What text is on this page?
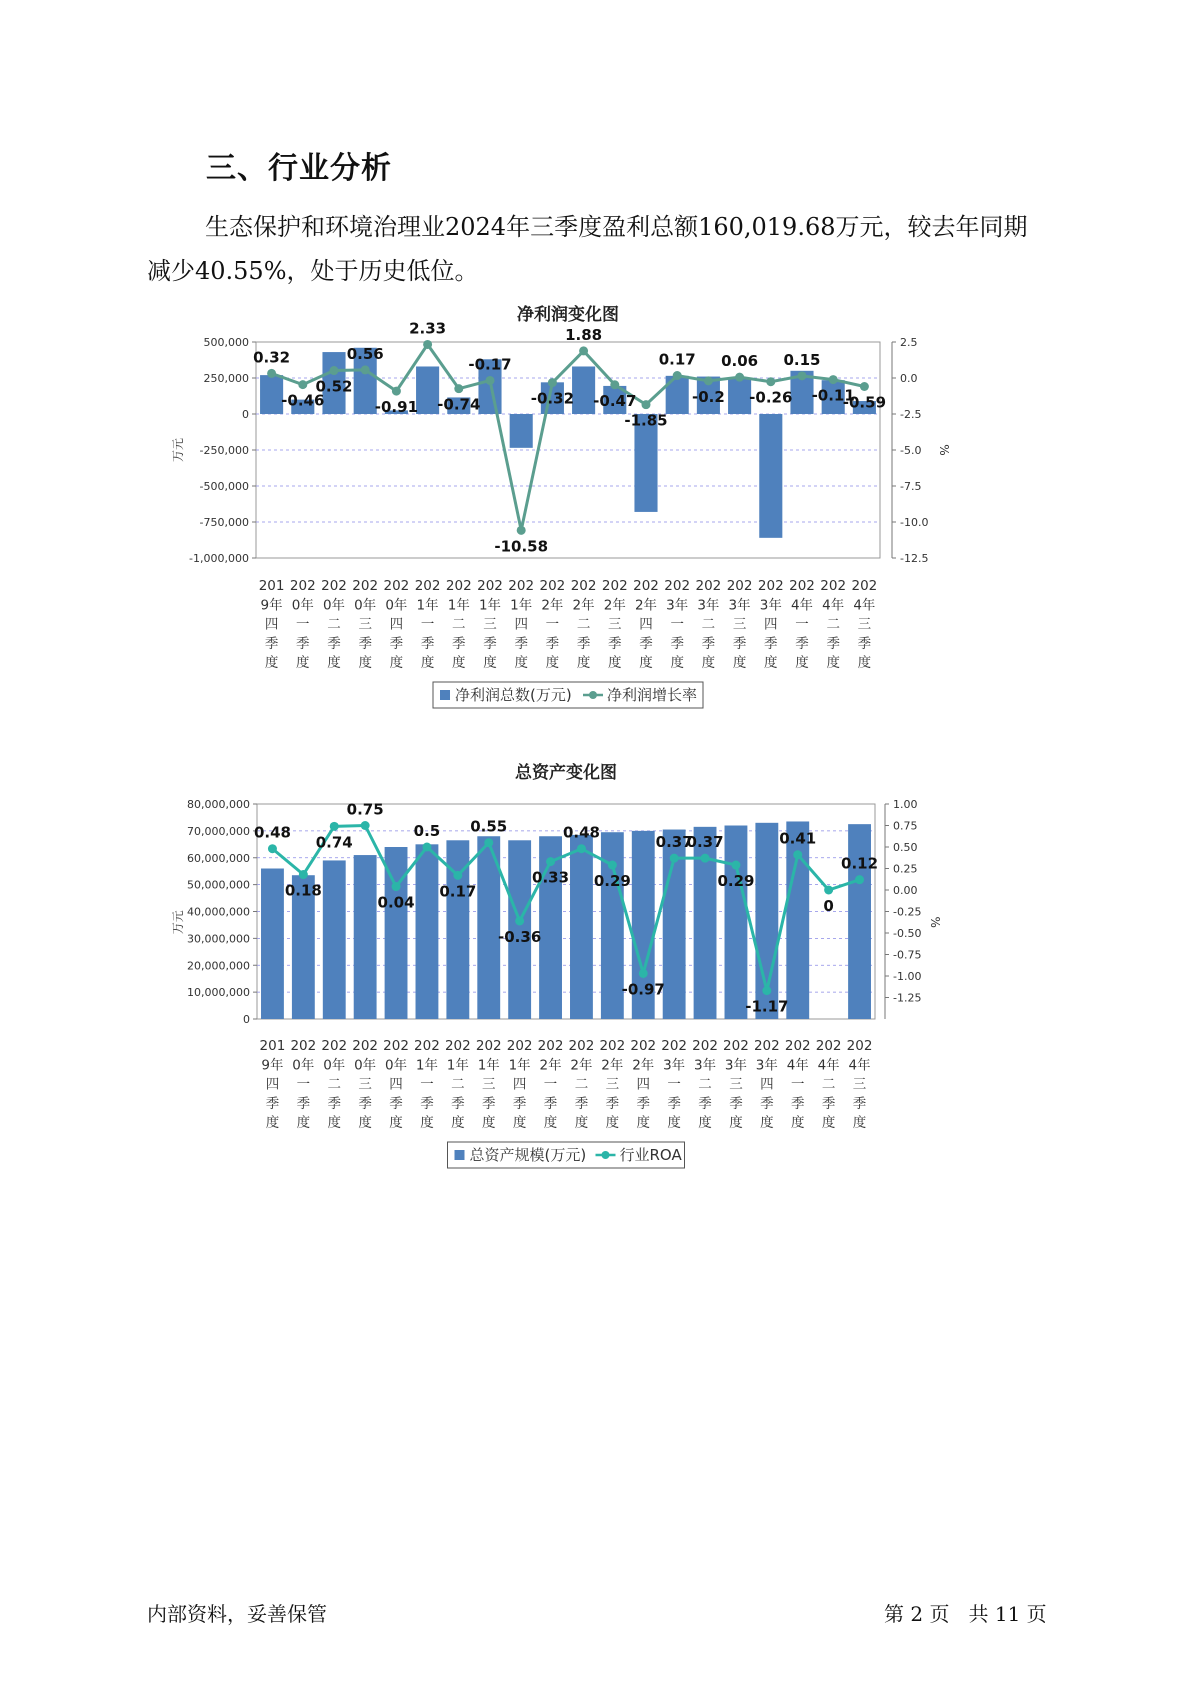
三、行业分析

生态保护和环境治理业2024年三季度盈利总额160,019.68万元，较去年同期减少40.55%，处于历史低位。

净利润变化图
500,000
250,000
0
-250,000
-500,000
-750,000
-1,000,000
2.5
0.0
-2.5
-5.0
-7.5
-10.0
-12.5
万元	%
0.32
-0.46
0.52
0.56
-0.91
2.33
-0.74
-0.17
-10.58
-0.32
1.88
-0.47
-1.85
0.17
-0.2
0.06
-0.26
0.15
-0.11
-0.59
201 9年四季度
202 0年一季度
202 0年二季度
202 0年三季度
202 0年四季度
202 1年一季度
202 1年二季度
202 1年三季度
202 1年四季度
202 2年一季度
202 2年二季度
202 2年三季度
202 2年四季度
202 3年一季度
202 3年二季度
202 3年三季度
202 3年四季度
202 4年一季度
202 4年二季度
202 4年三季度
净利润总数(万元) 净利润增长率
总资产变化图
80,000,000
70,000,000
60,000,000
50,000,000
40,000,000
30,000,000
20,000,000
10,000,000
0
1.00
0.75
0.50
0.25
0.00
-0.25
-0.50
-0.75
-1.00
-1.25
万元	%
0.48
0.18
0.74
0.75
0.04
0.5
0.17
0.55
-0.36
0.33
0.48
0.29
-0.97
0.37
0.37
0.29
-1.17
0.41
0
0.12
201 9年四季度
202 0年一季度
202 0年二季度
202 0年三季度
202 0年四季度
202 1年一季度
202 1年二季度
202 1年三季度
202 1年四季度
202 2年一季度
202 2年二季度
202 2年三季度
202 2年四季度
202 3年一季度
202 3年二季度
202 3年三季度
202 3年四季度
202 4年一季度
202 4年二季度
202 4年三季度
总资产规模(万元) 行业ROA

内部资料，妥善保管	第 2 页   共 11 页
